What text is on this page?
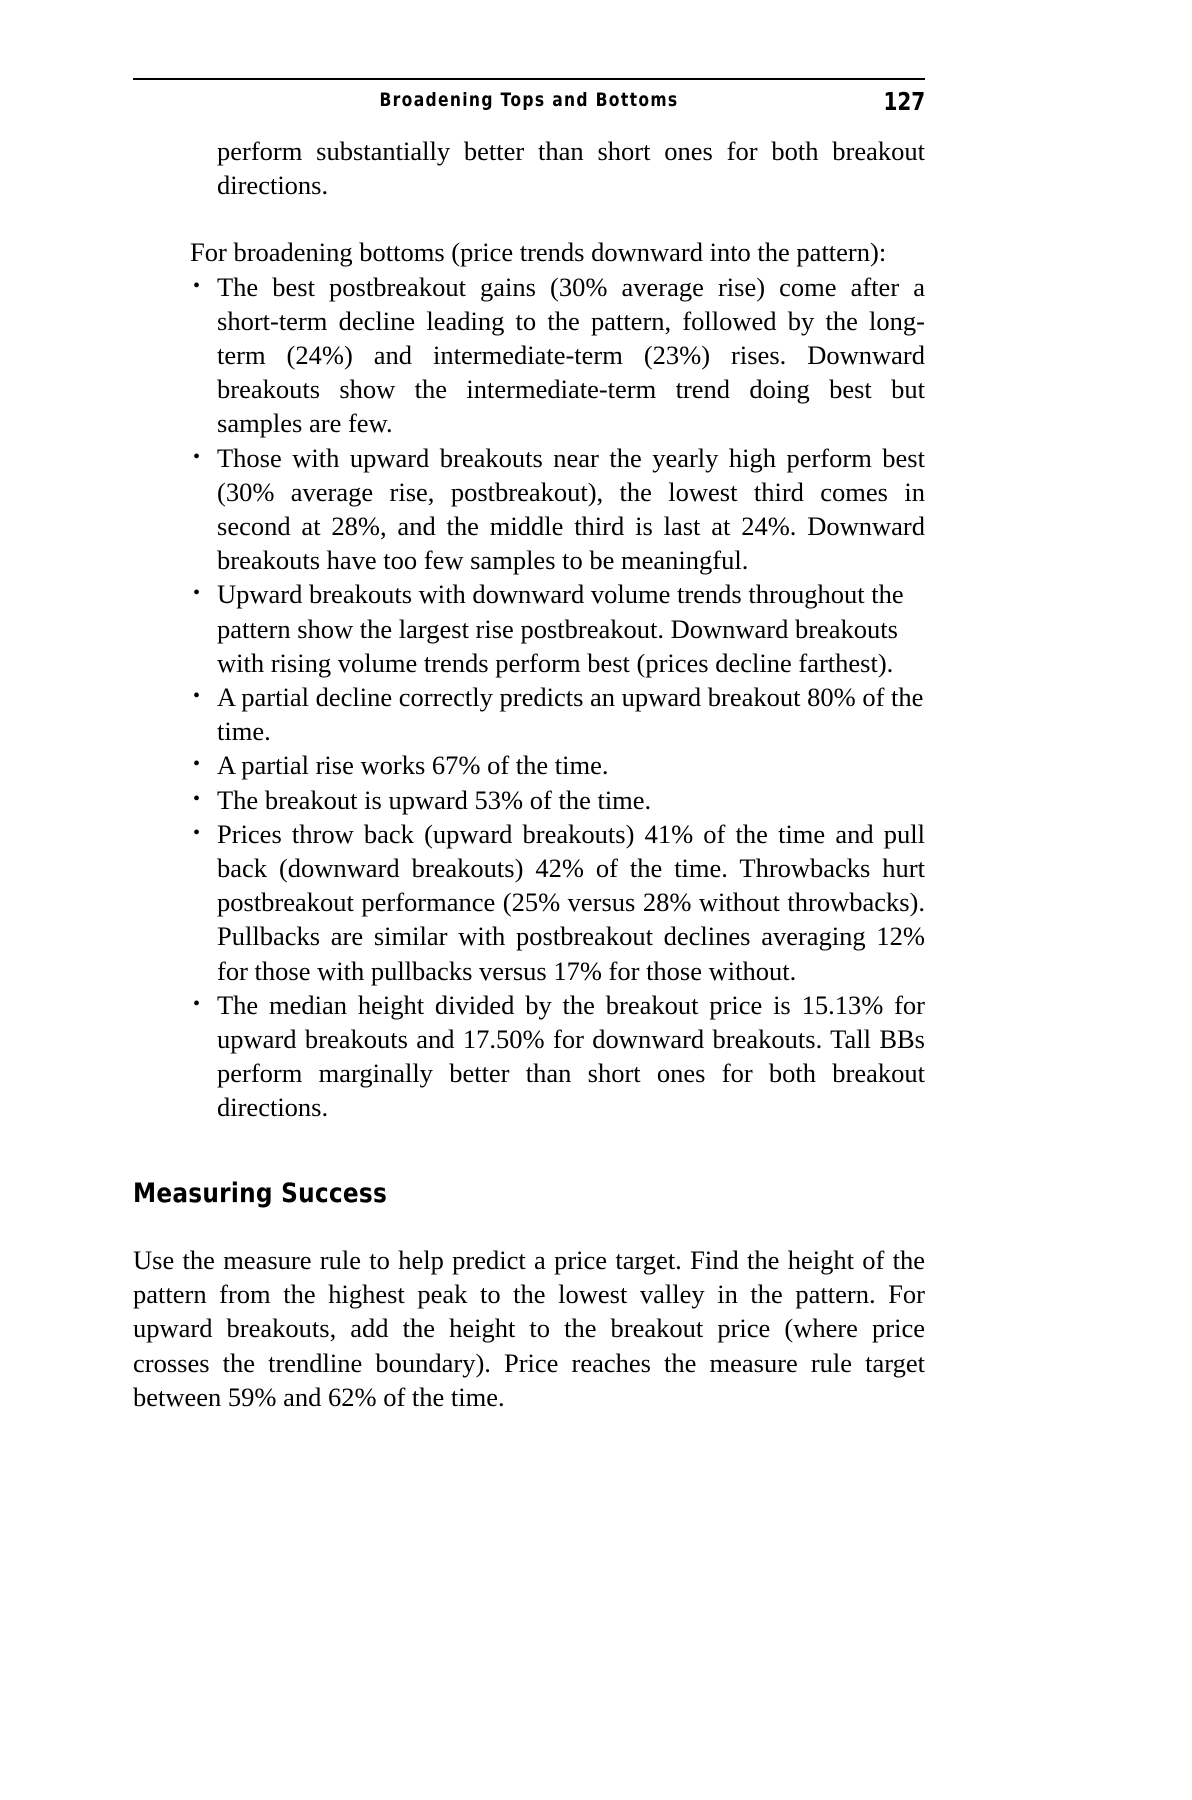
Broadening Tops and Bottoms	127

perform substantially better than short ones for both breakout directions.

For broadening bottoms (price trends downward into the pattern):

• The best postbreakout gains (30% average rise) come after a short-term decline leading to the pattern, followed by the long-term (24%) and intermediate-term (23%) rises. Downward breakouts show the intermediate-term trend doing best but samples are few.
• Those with upward breakouts near the yearly high perform best (30% average rise, postbreakout), the lowest third comes in second at 28%, and the middle third is last at 24%. Downward breakouts have too few samples to be meaningful.
• Upward breakouts with downward volume trends throughout the pattern show the largest rise postbreakout. Downward breakouts with rising volume trends perform best (prices decline farthest).
• A partial decline correctly predicts an upward breakout 80% of the time.
• A partial rise works 67% of the time.
• The breakout is upward 53% of the time.
• Prices throw back (upward breakouts) 41% of the time and pull back (downward breakouts) 42% of the time. Throwbacks hurt postbreakout performance (25% versus 28% without throwbacks). Pullbacks are similar with postbreakout declines averaging 12% for those with pullbacks versus 17% for those without.
• The median height divided by the breakout price is 15.13% for upward breakouts and 17.50% for downward breakouts. Tall BBs perform marginally better than short ones for both breakout directions.
Measuring Success

Use the measure rule to help predict a price target. Find the height of the pattern from the highest peak to the lowest valley in the pattern. For upward breakouts, add the height to the breakout price (where price crosses the trendline boundary). Price reaches the measure rule target between 59% and 62% of the time.
